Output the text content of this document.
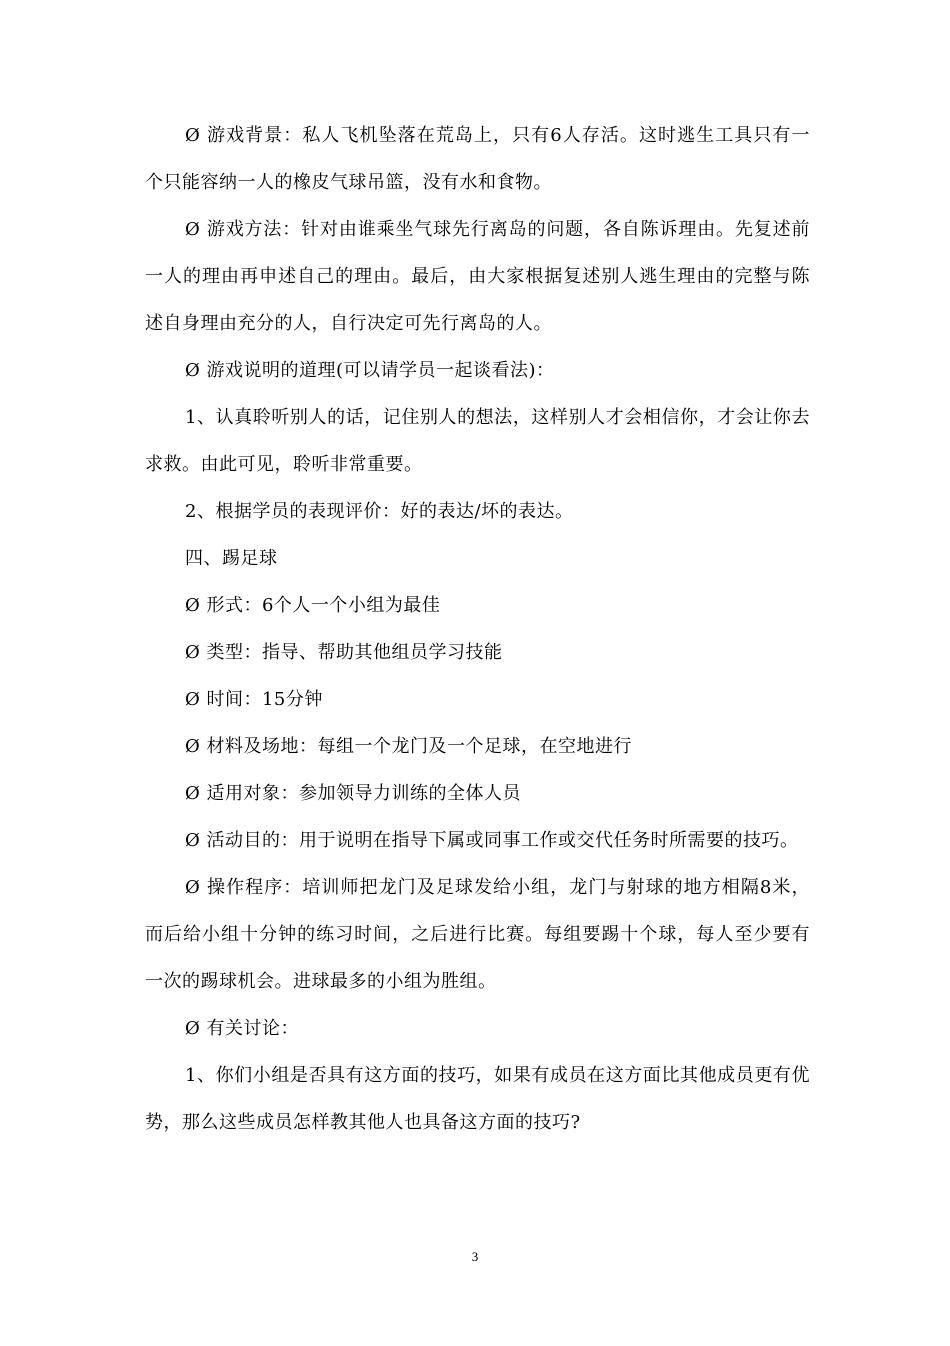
Ø 游戏背景：私人飞机坠落在荒岛上，只有6人存活。这时逃生工具只有一个只能容纳一人的橡皮气球吊篮，没有水和食物。

Ø 游戏方法：针对由谁乘坐气球先行离岛的问题，各自陈诉理由。先复述前一人的理由再申述自己的理由。最后，由大家根据复述别人逃生理由的完整与陈述自身理由充分的人，自行决定可先行离岛的人。

Ø 游戏说明的道理(可以请学员一起谈看法)：

1、认真聆听别人的话，记住别人的想法，这样别人才会相信你，才会让你去求救。由此可见，聆听非常重要。

2、根据学员的表现评价：好的表达/坏的表达。

四、踢足球

Ø 形式：6个人一个小组为最佳

Ø 类型：指导、帮助其他组员学习技能

Ø 时间：15分钟

Ø 材料及场地：每组一个龙门及一个足球，在空地进行

Ø 适用对象：参加领导力训练的全体人员

Ø 活动目的：用于说明在指导下属或同事工作或交代任务时所需要的技巧。

Ø 操作程序：培训师把龙门及足球发给小组，龙门与射球的地方相隔8米，而后给小组十分钟的练习时间，之后进行比赛。每组要踢十个球，每人至少要有一次的踢球机会。进球最多的小组为胜组。

Ø 有关讨论：

1、你们小组是否具有这方面的技巧，如果有成员在这方面比其他成员更有优势，那么这些成员怎样教其他人也具备这方面的技巧?

3
